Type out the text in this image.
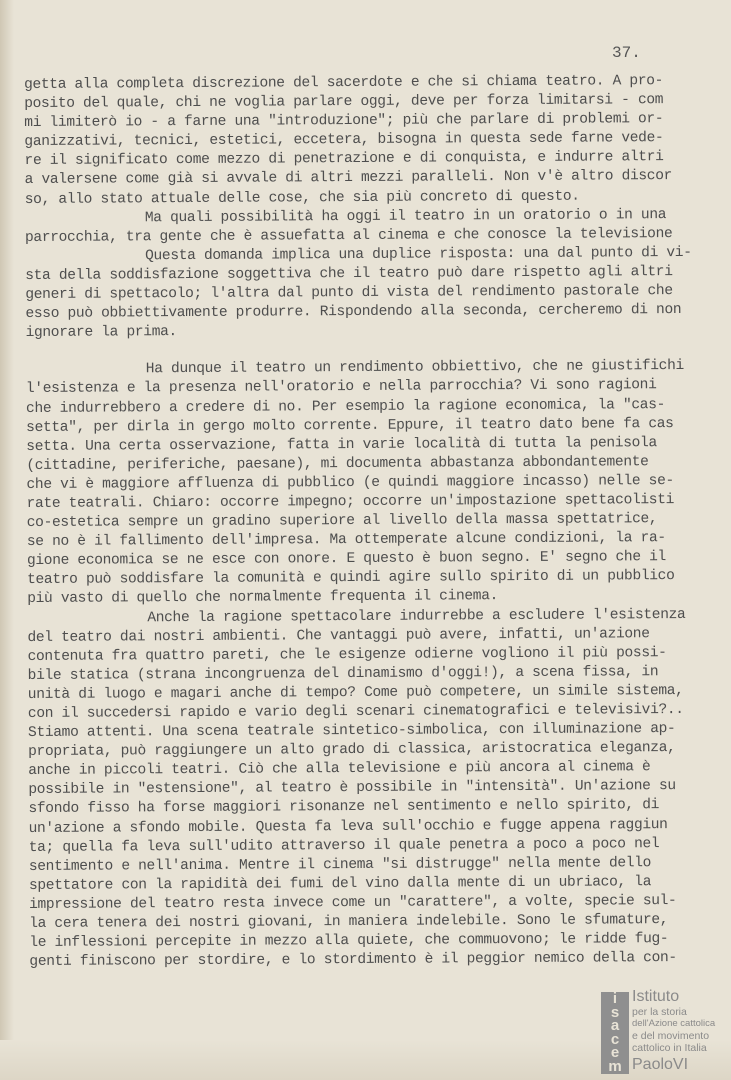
37.
getta alla completa discrezione del sacerdote e che si chiama teatro. A pro-
posito del quale, chi ne voglia parlare oggi, deve per forza limitarsi - com
mi limiterò io - a farne una "introduzione"; più che parlare di problemi or-
ganizzativi, tecnici, estetici, eccetera, bisogna in questa sede farne vede-
re il significato come mezzo di penetrazione e di conquista, e indurre altri
a valersene come già si avvale di altri mezzi paralleli. Non v'è altro discor
so, allo stato attuale delle cose, che sia più concreto di questo.
Ma quali possibilità ha oggi il teatro in un oratorio o in una
parrocchia, tra gente che è assuefatta al cinema e che conosce la televisione
Questa domanda implica una duplice risposta: una dal punto di vi-
sta della soddisfazione soggettiva che il teatro può dare rispetto agli altri
generi di spettacolo; l'altra dal punto di vista del rendimento pastorale che
esso può obbiettivamente produrre. Rispondendo alla seconda, cercheremo di non
ignorare la prima.
Ha dunque il teatro un rendimento obbiettivo, che ne giustifichi
l'esistenza e la presenza nell'oratorio e nella parrocchia? Vi sono ragioni
che indurrebbero a credere di no. Per esempio la ragione economica, la "cas-
setta", per dirla in gergo molto corrente. Eppure, il teatro dato bene fa cas
setta. Una certa osservazione, fatta in varie località di tutta la penisola
(cittadine, periferiche, paesane), mi documenta abbastanza abbondantemente
che vi è maggiore affluenza di pubblico (e quindi maggiore incasso) nelle se-
rate teatrali. Chiaro: occorre impegno; occorre un'impostazione spettacolisti
co-estetica sempre un gradino superiore al livello della massa spettatrice,
se no è il fallimento dell'impresa. Ma ottemperate alcune condizioni, la ra-
gione economica se ne esce con onore. E questo è buon segno. E' segno che il
teatro può soddisfare la comunità e quindi agire sullo spirito di un pubblico
più vasto di quello che normalmente frequenta il cinema.
Anche la ragione spettacolare indurrebbe a escludere l'esistenza
del teatro dai nostri ambienti. Che vantaggi può avere, infatti, un'azione
contenuta fra quattro pareti, che le esigenze odierne vogliono il più possi-
bile statica (strana incongruenza del dinamismo d'oggi!), a scena fissa, in
unità di luogo e magari anche di tempo? Come può competere, un simile sistema,
con il succedersi rapido e vario degli scenari cinematografici e televisivi?..
Stiamo attenti. Una scena teatrale sintetico-simbolica, con illuminazione ap-
propriata, può raggiungere un alto grado di classica, aristocratica eleganza,
anche in piccoli teatri. Ciò che alla televisione e più ancora al cinema è
possibile in "estensione", al teatro è possibile in "intensità". Un'azione su
sfondo fisso ha forse maggiori risonanze nel sentimento e nello spirito, di
un'azione a sfondo mobile. Questa fa leva sull'occhio e fugge appena raggiun
ta; quella fa leva sull'udito attraverso il quale penetra a poco a poco nel
sentimento e nell'anima. Mentre il cinema "si distrugge" nella mente dello
spettatore con la rapidità dei fumi del vino dalla mente di un ubriaco, la
impressione del teatro resta invece come un "carattere", a volte, specie sul-
la cera tenera dei nostri giovani, in maniera indelebile. Sono le sfumature,
le inflessioni percepite in mezzo alla quiete, che commuovono; le ridde fug-
genti finiscono per stordire, e lo stordimento è il peggior nemico della con-
i
s
a
c
e
m
Istituto
per la storia
dell'Azione cattolica
e del movimento
cattolico in Italia
PaoloVI
